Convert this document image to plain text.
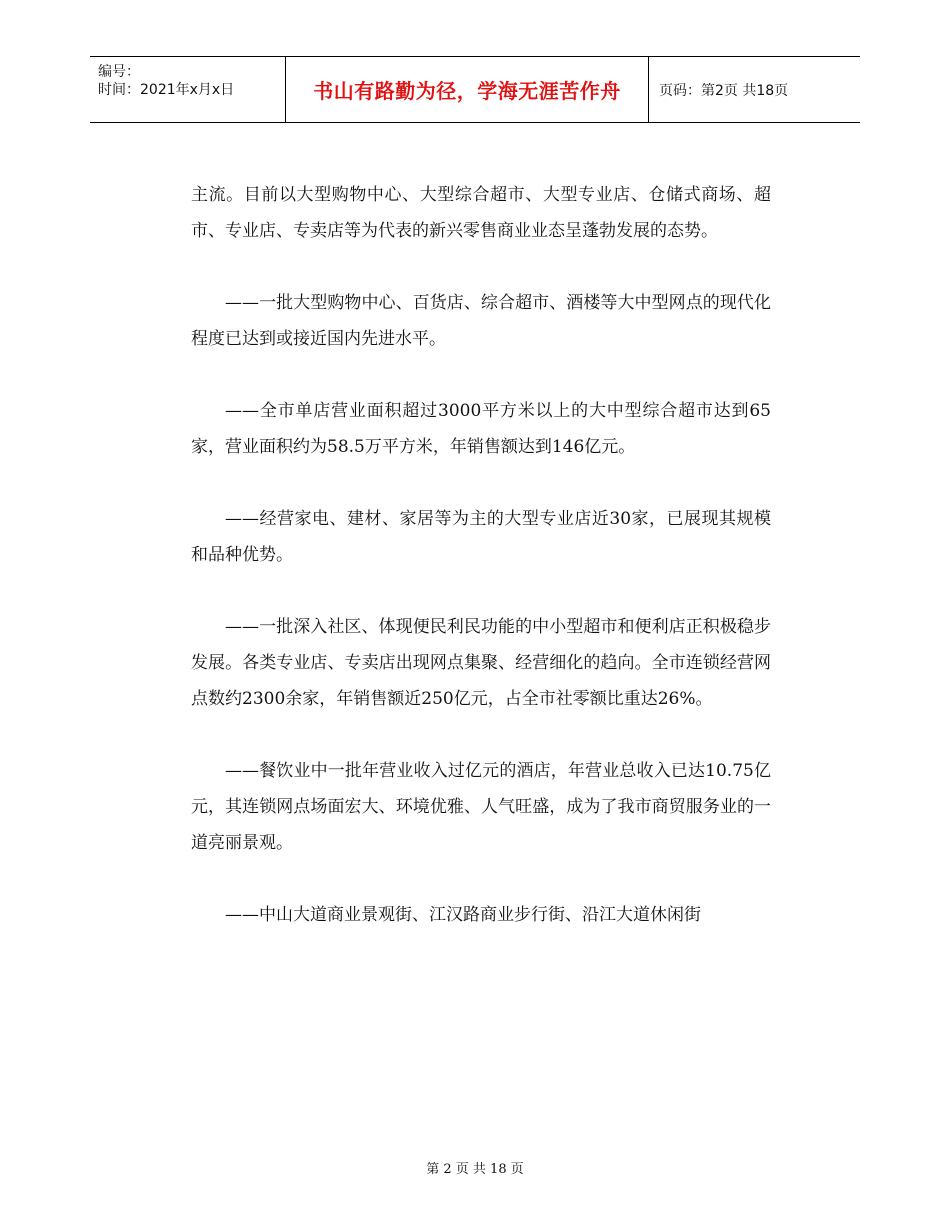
编号：
时间：2021年x月x日	书山有路勤为径，学海无涯苦作舟	页码：第2页 共18页

主流。目前以大型购物中心、大型综合超市、大型专业店、仓储式商场、超市、专业店、专卖店等为代表的新兴零售商业业态呈蓬勃发展的态势。

——一批大型购物中心、百货店、综合超市、酒楼等大中型网点的现代化程度已达到或接近国内先进水平。

——全市单店营业面积超过3000平方米以上的大中型综合超市达到65家，营业面积约为58.5万平方米，年销售额达到146亿元。

——经营家电、建材、家居等为主的大型专业店近30家，已展现其规模和品种优势。

——一批深入社区、体现便民利民功能的中小型超市和便利店正积极稳步发展。各类专业店、专卖店出现网点集聚、经营细化的趋向。全市连锁经营网点数约2300余家，年销售额近250亿元，占全市社零额比重达26%。

——餐饮业中一批年营业收入过亿元的酒店，年营业总收入已达10.75亿元，其连锁网点场面宏大、环境优雅、人气旺盛，成为了我市商贸服务业的一道亮丽景观。

——中山大道商业景观街、江汉路商业步行街、沿江大道休闲街

第 2 页 共 18 页
